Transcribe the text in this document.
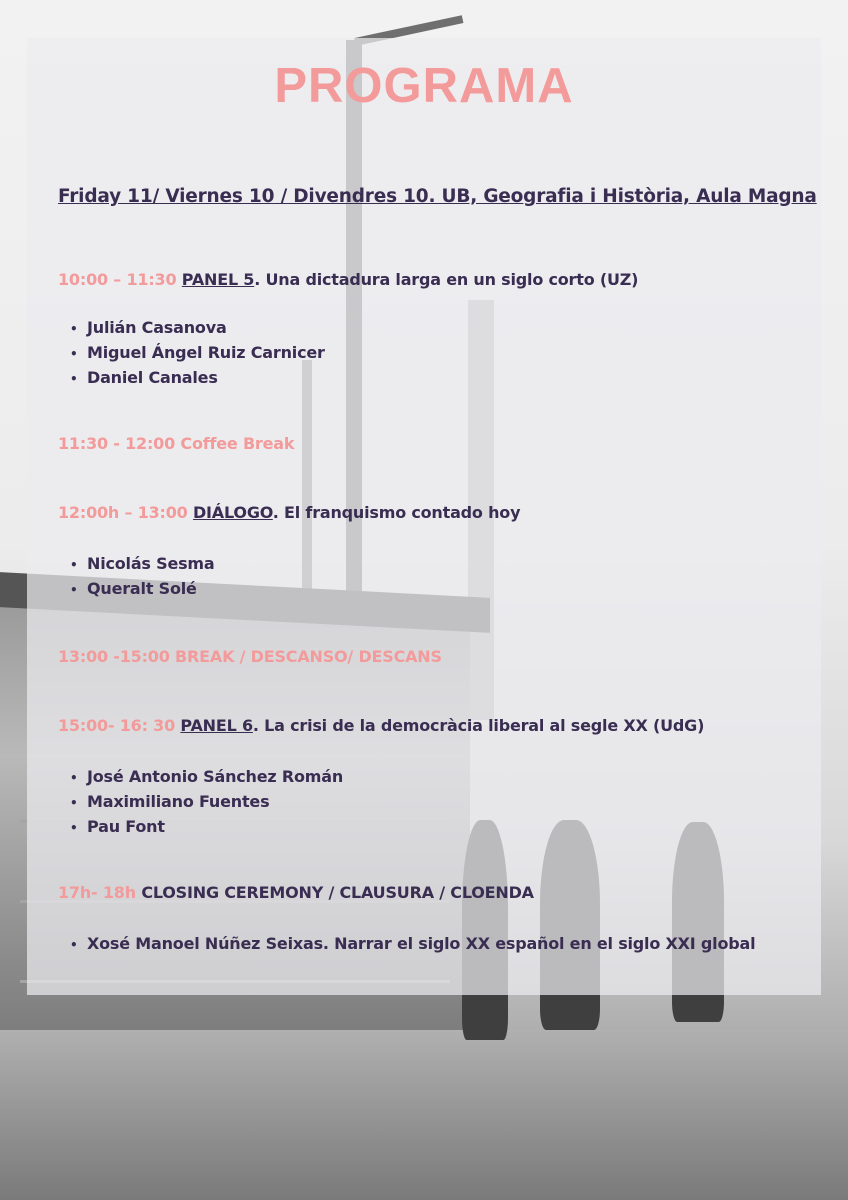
PROGRAMA
Friday 11/ Viernes 10 / Divendres 10. UB, Geografia i Història, Aula Magna
10:00 – 11:30 PANEL 5. Una dictadura larga en un siglo corto (UZ)
• Julián Casanova
• Miguel Ángel Ruiz Carnicer
• Daniel Canales
11:30 - 12:00 Coffee Break
12:00h – 13:00 DIÁLOGO. El franquismo contado hoy
• Nicolás Sesma
• Queralt Solé
13:00 -15:00 BREAK / DESCANSO/ DESCANS
15:00- 16: 30 PANEL 6. La crisi de la democràcia liberal al segle XX (UdG)
• José Antonio Sánchez Román
• Maximiliano Fuentes
• Pau Font
17h- 18h CLOSING CEREMONY / CLAUSURA / CLOENDA
• Xosé Manoel Núñez Seixas. Narrar el siglo XX español en el siglo XXI global
